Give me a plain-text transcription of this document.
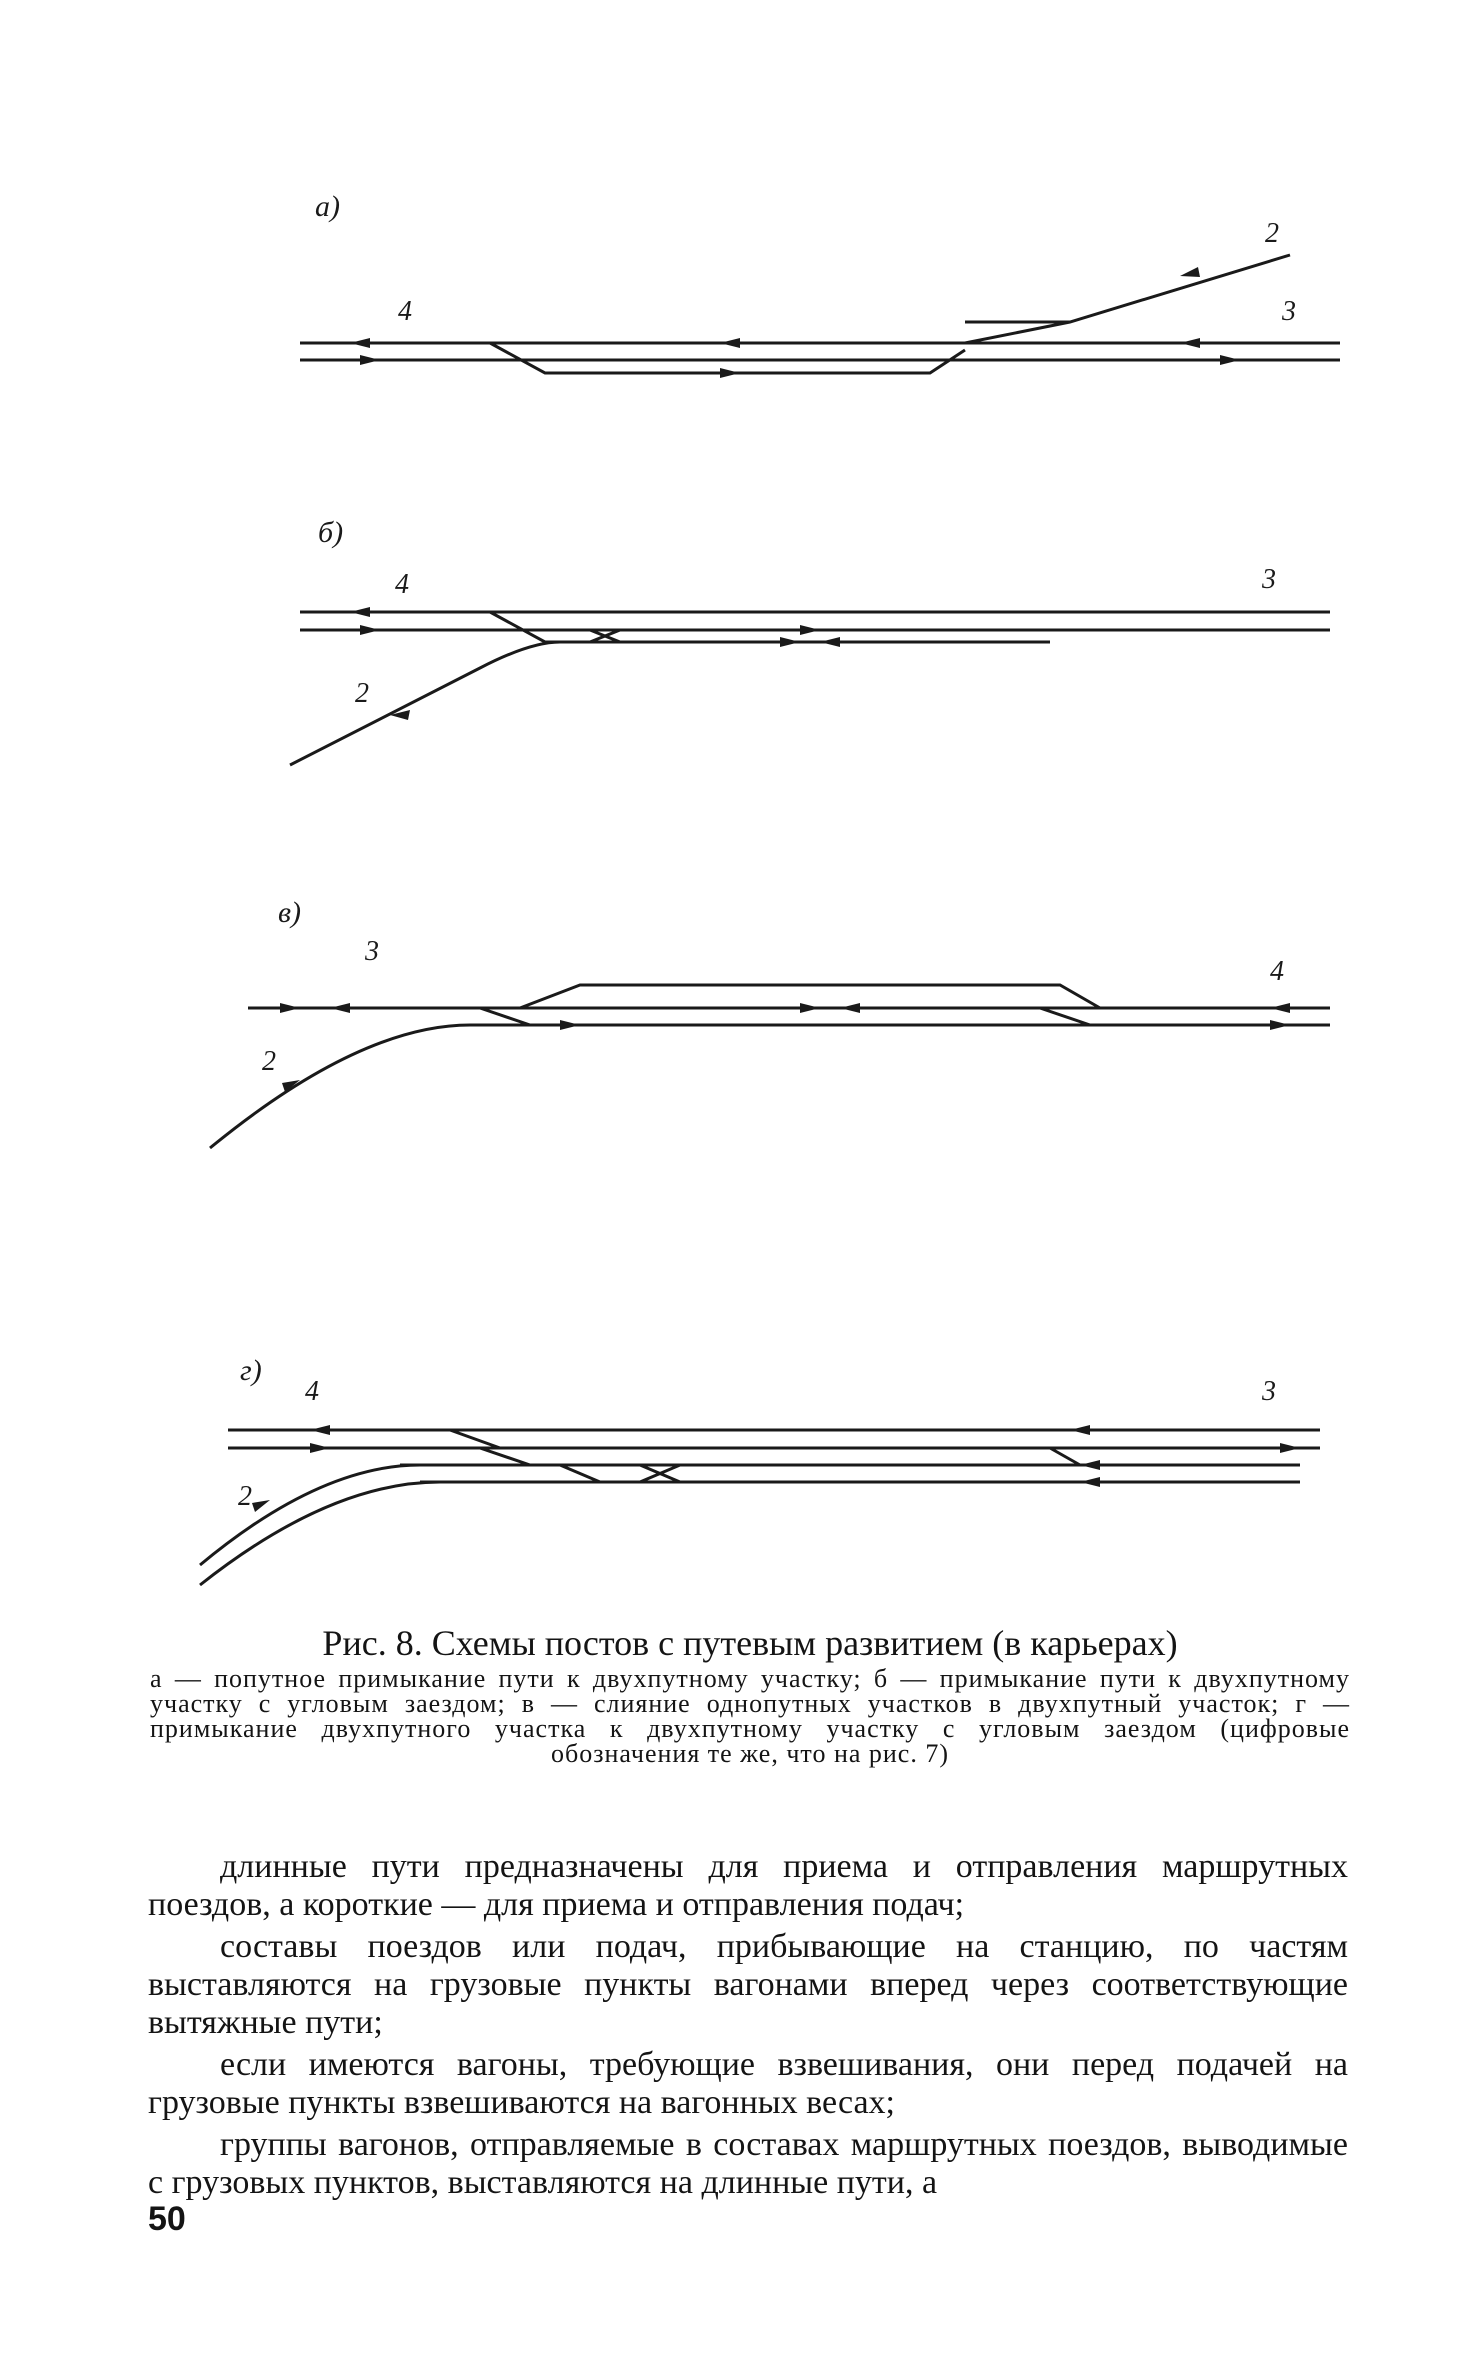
а)
2
4	3
б)
4	3
2
в)
3
4
2
г)
4	3
2

Рис. 8. Схемы постов с путевым развитием (в карьерах)

а — попутное примыкание пути к двухпутному участку; б — примыкание пути к двухпутному участку с угловым заездом; в — слияние однопутных участков в двухпутный участок; г — примыкание двухпутного участка к двухпутному участку с угловым заездом (цифровые обозначения те же, что на рис. 7)

длинные пути предназначены для приема и отправления маршрутных поездов, а короткие — для приема и отправления подач;

составы поездов или подач, прибывающие на станцию, по частям выставляются на грузовые пункты вагонами вперед через соответствующие вытяжные пути;

если имеются вагоны, требующие взвешивания, они перед подачей на грузовые пункты взвешиваются на вагонных весах;

группы вагонов, отправляемые в составах маршрутных поездов, выводимые с грузовых пунктов, выставляются на длинные пути, а

50
